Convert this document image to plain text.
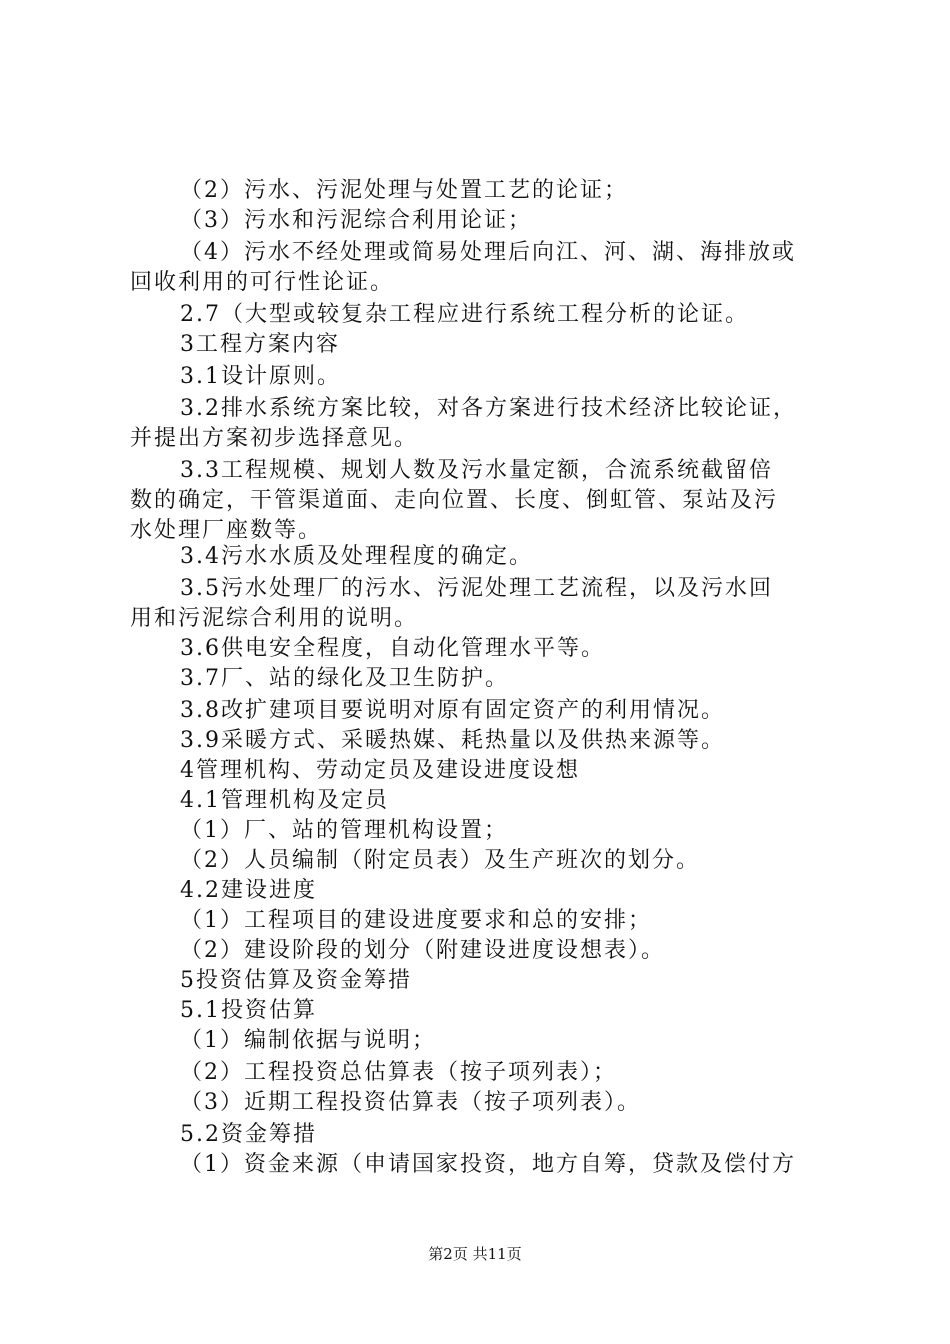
（2）污水、污泥处理与处置工艺的论证；
（3）污水和污泥综合利用论证；
（4）污水不经处理或简易处理后向江、河、湖、海排放或
回收利用的可行性论证。
2.7（大型或较复杂工程应进行系统工程分析的论证。
3工程方案内容
3.1设计原则。
3.2排水系统方案比较，对各方案进行技术经济比较论证，
并提出方案初步选择意见。
3.3工程规模、规划人数及污水量定额，合流系统截留倍
数的确定，干管渠道面、走向位置、长度、倒虹管、泵站及污
水处理厂座数等。
3.4污水水质及处理程度的确定。
3.5污水处理厂的污水、污泥处理工艺流程，以及污水回
用和污泥综合利用的说明。
3.6供电安全程度，自动化管理水平等。
3.7厂、站的绿化及卫生防护。
3.8改扩建项目要说明对原有固定资产的利用情况。
3.9采暖方式、采暖热媒、耗热量以及供热来源等。
4管理机构、劳动定员及建设进度设想
4.1管理机构及定员
（1）厂、站的管理机构设置；
（2）人员编制（附定员表）及生产班次的划分。
4.2建设进度
（1）工程项目的建设进度要求和总的安排；
（2）建设阶段的划分（附建设进度设想表）。
5投资估算及资金筹措
5.1投资估算
（1）编制依据与说明；
（2）工程投资总估算表（按子项列表）；
（3）近期工程投资估算表（按子项列表）。
5.2资金筹措
（1）资金来源（申请国家投资，地方自筹，贷款及偿付方
第2页 共11页
